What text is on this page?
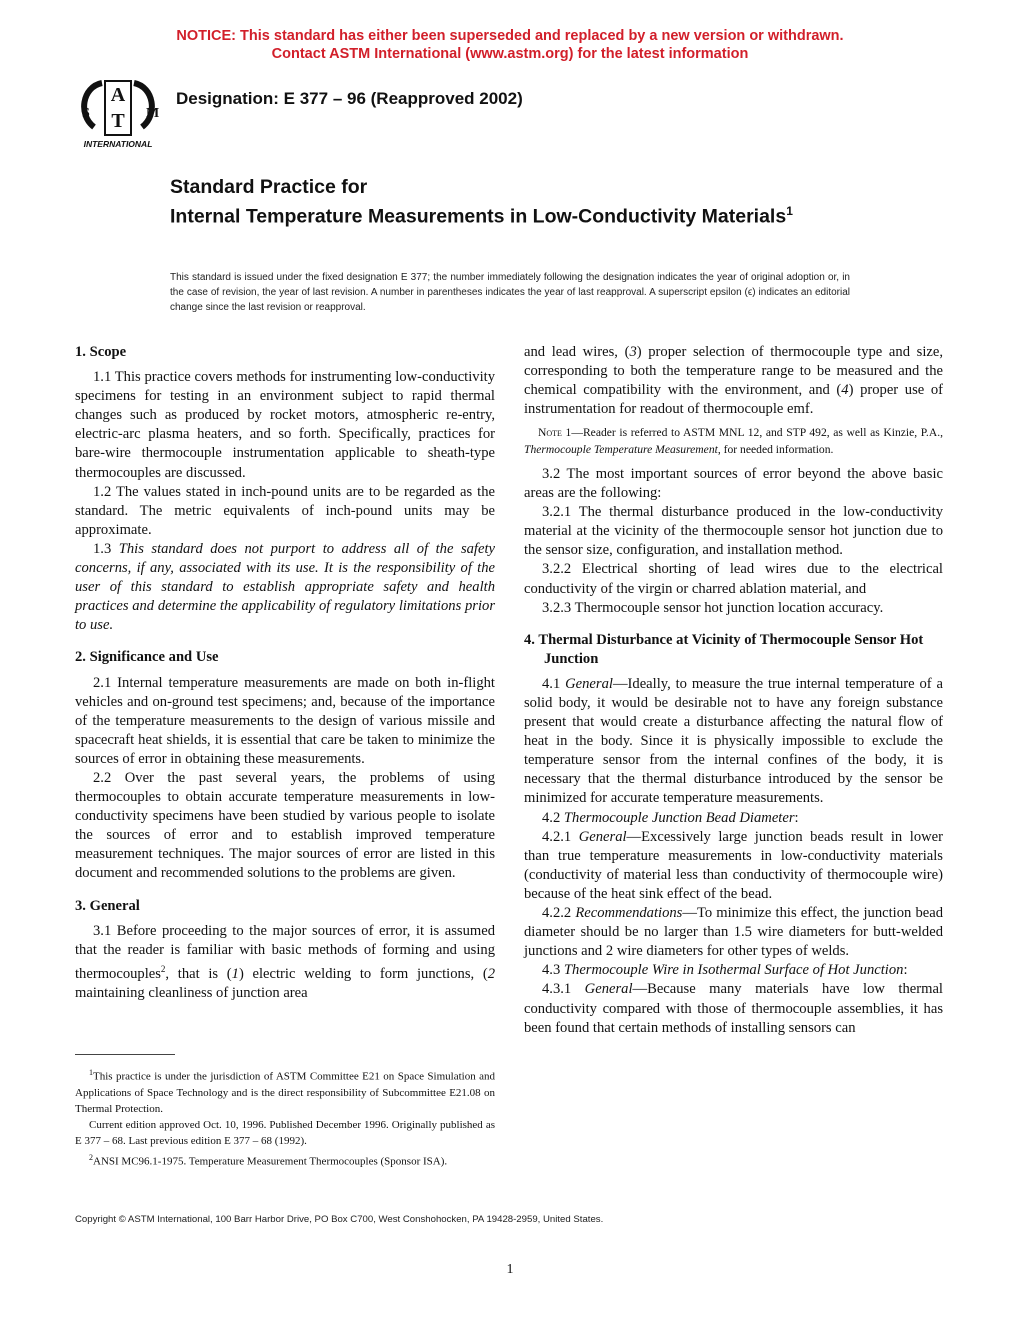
NOTICE: This standard has either been superseded and replaced by a new version or withdrawn.
Contact ASTM International (www.astm.org) for the latest information
A
T
S	M
INTERNATIONAL
Designation: E 377 – 96 (Reapproved 2002)
Standard Practice for
Internal Temperature Measurements in Low-Conductivity Materials$^1$
This standard is issued under the fixed designation E 377; the number immediately following the designation indicates the year of original adoption or, in the case of revision, the year of last revision. A number in parentheses indicates the year of last reapproval. A superscript epsilon (ϵ) indicates an editorial change since the last revision or reapproval.
1. Scope

1.1 This practice covers methods for instrumenting low-conductivity specimens for testing in an environment subject to rapid thermal changes such as produced by rocket motors, atmospheric re-entry, electric-arc plasma heaters, and so forth. Specifically, practices for bare-wire thermocouple instrumentation applicable to sheath-type thermocouples are discussed.

1.2 The values stated in inch-pound units are to be regarded as the standard. The metric equivalents of inch-pound units may be approximate.

1.3 This standard does not purport to address all of the safety concerns, if any, associated with its use. It is the responsibility of the user of this standard to establish appropriate safety and health practices and determine the applicability of regulatory limitations prior to use.

2. Significance and Use

2.1 Internal temperature measurements are made on both in-flight vehicles and on-ground test specimens; and, because of the importance of the temperature measurements to the design of various missile and spacecraft heat shields, it is essential that care be taken to minimize the sources of error in obtaining these measurements.

2.2 Over the past several years, the problems of using thermocouples to obtain accurate temperature measurements in low-conductivity specimens have been studied by various people to isolate the sources of error and to establish improved temperature measurement techniques. The major sources of error are listed in this document and recommended solutions to the problems are given.

3. General

3.1 Before proceeding to the major sources of error, it is assumed that the reader is familiar with basic methods of forming and using thermocouples$^2$, that is (1) electric welding to form junctions, (2 maintaining cleanliness of junction area

$^1$This practice is under the jurisdiction of ASTM Committee E21 on Space Simulation and Applications of Space Technology and is the direct responsibility of Subcommittee E21.08 on Thermal Protection.

Current edition approved Oct. 10, 1996. Published December 1996. Originally published as E 377 – 68. Last previous edition E 377 – 68 (1992).

$^2$ANSI MC96.1-1975. Temperature Measurement Thermocouples (Sponsor ISA).

and lead wires, (3) proper selection of thermocouple type and size, corresponding to both the temperature range to be measured and the chemical compatibility with the environment, and (4) proper use of instrumentation for readout of thermocouple emf.

Note 1—Reader is referred to ASTM MNL 12, and STP 492, as well as Kinzie, P.A., Thermocouple Temperature Measurement, for needed information.

3.2 The most important sources of error beyond the above basic areas are the following:

3.2.1 The thermal disturbance produced in the low-conductivity material at the vicinity of the thermocouple sensor hot junction due to the sensor size, configuration, and installation method.

3.2.2 Electrical shorting of lead wires due to the electrical conductivity of the virgin or charred ablation material, and

3.2.3 Thermocouple sensor hot junction location accuracy.

4. Thermal Disturbance at Vicinity of Thermocouple Sensor Hot Junction

4.1 General—Ideally, to measure the true internal temperature of a solid body, it would be desirable not to have any foreign substance present that would create a disturbance affecting the natural flow of heat in the body. Since it is physically impossible to exclude the temperature sensor from the internal confines of the body, it is necessary that the thermal disturbance introduced by the sensor be minimized for accurate temperature measurements.

4.2 Thermocouple Junction Bead Diameter:

4.2.1 General—Excessively large junction beads result in lower than true temperature measurements in low-conductivity materials (conductivity of material less than conductivity of thermocouple wire) because of the heat sink effect of the bead.

4.2.2 Recommendations—To minimize this effect, the junction bead diameter should be no larger than 1.5 wire diameters for butt-welded junctions and 2 wire diameters for other types of welds.

4.3 Thermocouple Wire in Isothermal Surface of Hot Junction:

4.3.1 General—Because many materials have low thermal conductivity compared with those of thermocouple assemblies, it has been found that certain methods of installing sensors can

Copyright © ASTM International, 100 Barr Harbor Drive, PO Box C700, West Conshohocken, PA 19428-2959, United States.
1
